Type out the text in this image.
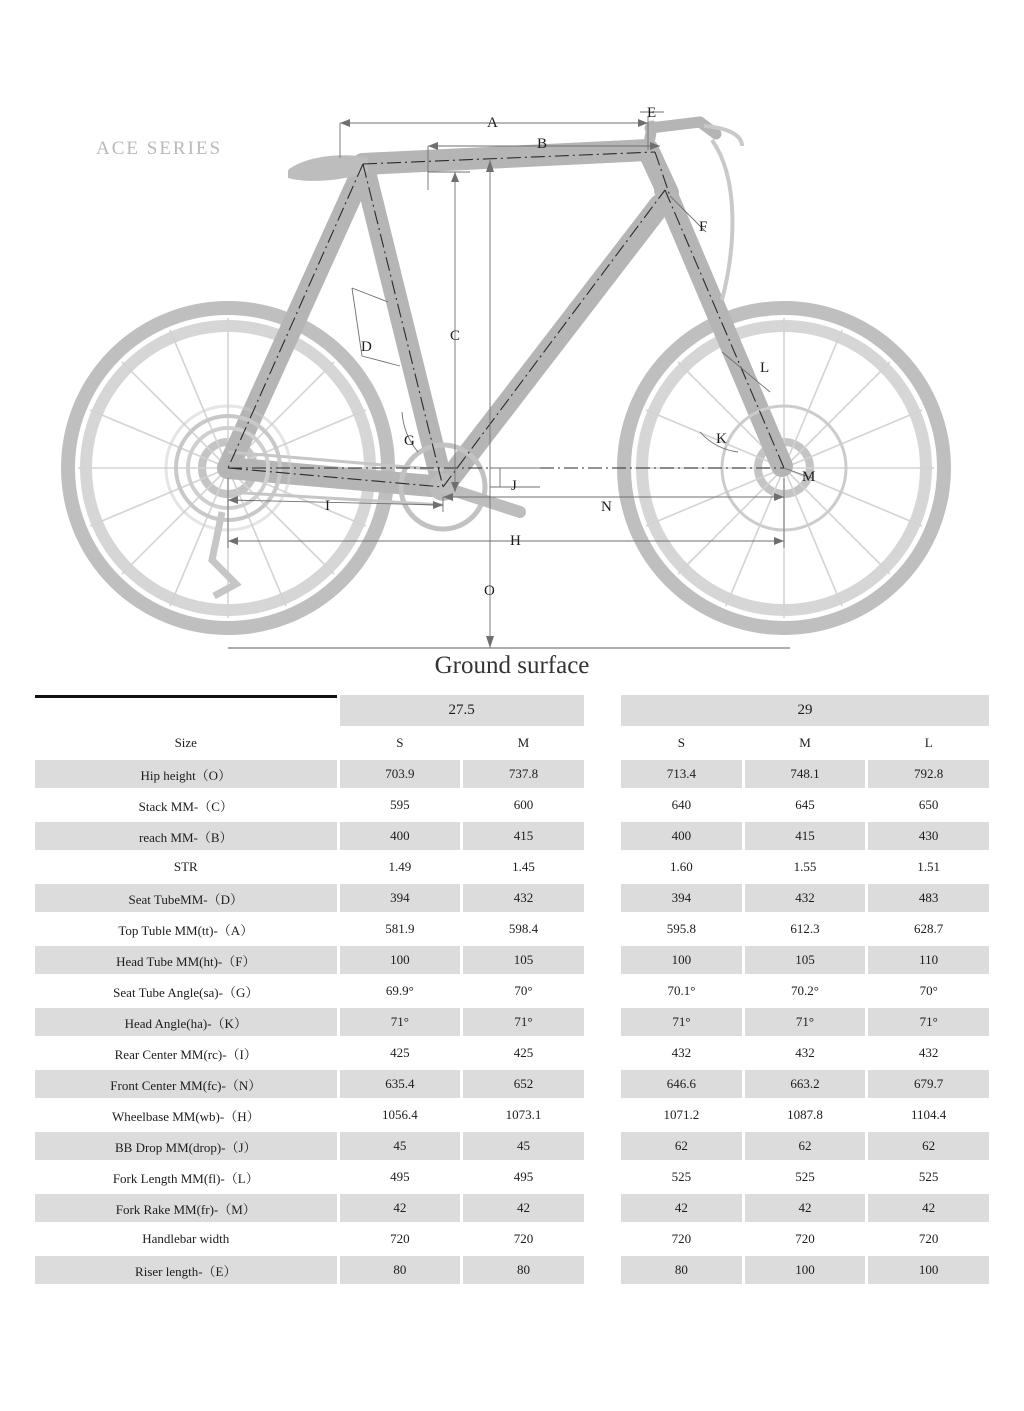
ACE SERIES
A
B
C
D
E
F
G
H
I
J
K
L
M
N
O
Ground surface
	27.5			29		
Size	S	M		S	M	L
Hip height（O）	703.9	737.8		713.4	748.1	792.8
Stack MM-（C）	595	600		640	645	650
reach MM-（B）	400	415		400	415	430
STR	1.49	1.45		1.60	1.55	1.51
Seat TubeMM-（D）	394	432		394	432	483
Top Tuble MM(tt)-（A）	581.9	598.4		595.8	612.3	628.7
Head Tube MM(ht)-（F）	100	105		100	105	110
Seat Tube Angle(sa)-（G）	69.9°	70°		70.1°	70.2°	70°
Head Angle(ha)-（K）	71°	71°		71°	71°	71°
Rear Center MM(rc)-（I）	425	425		432	432	432
Front Center MM(fc)-（N）	635.4	652		646.6	663.2	679.7
Wheelbase MM(wb)-（H）	1056.4	1073.1		1071.2	1087.8	1104.4
BB Drop MM(drop)-（J）	45	45		62	62	62
Fork Length MM(fl)-（L）	495	495		525	525	525
Fork Rake MM(fr)-（M）	42	42		42	42	42
Handlebar width	720	720		720	720	720
Riser length-（E）	80	80		80	100	100
